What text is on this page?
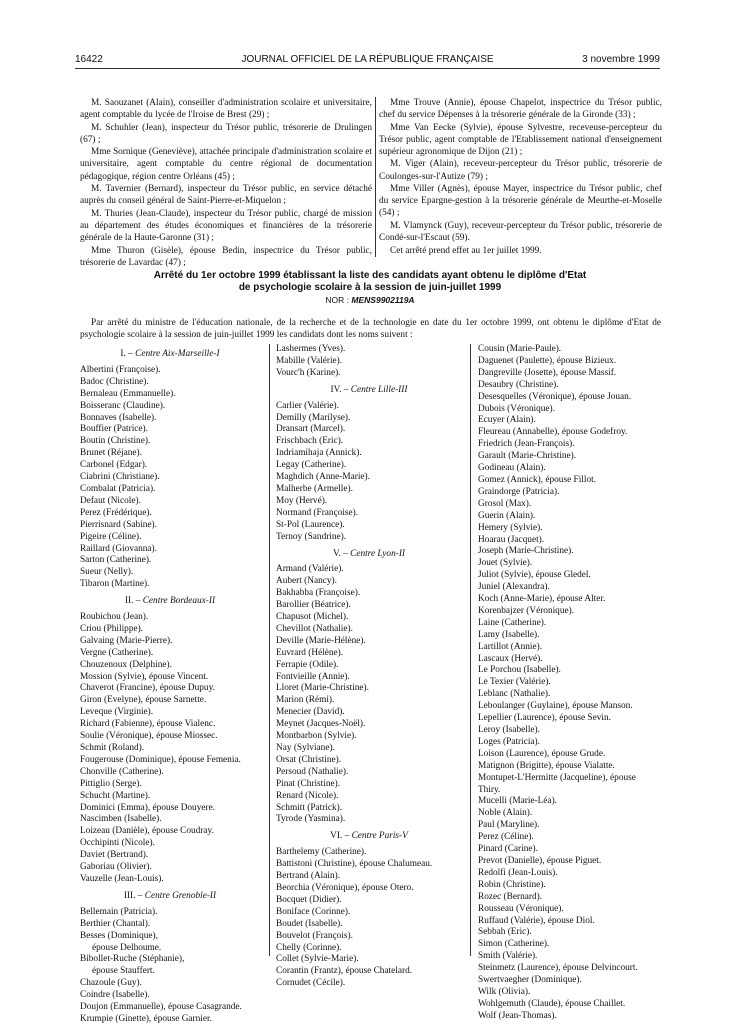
16422	JOURNAL OFFICIEL DE LA RÉPUBLIQUE FRANÇAISE	3 novembre 1999

M. Saouzanet (Alain), conseiller d'administration scolaire et universitaire, agent comptable du lycée de l'Iroise de Brest (29) ;

M. Schuhler (Jean), inspecteur du Trésor public, trésorerie de Drulingen (67) ;

Mme Sornique (Geneviève), attachée principale d'administration scolaire et universitaire, agent comptable du centre régional de documentation pédagogique, région centre Orléans (45) ;

M. Tavernier (Bernard), inspecteur du Trésor public, en service détaché auprès du conseil général de Saint-Pierre-et-Miquelon ;

M. Thuries (Jean-Claude), inspecteur du Trésor public, chargé de mission au département des études économiques et financières de la trésorerie générale de la Haute-Garonne (31) ;

Mme Thuron (Gisèle), épouse Bedin, inspectrice du Trésor public, trésorerie de Lavardac (47) ;

Mme Trouve (Annie), épouse Chapelot, inspectrice du Trésor public, chef du service Dépenses à la trésorerie générale de la Gironde (33) ;

Mme Van Eecke (Sylvie), épouse Sylvestre, receveuse-percepteur du Trésor public, agent comptable de l'Etablissement national d'enseignement supérieur agronomique de Dijon (21) ;

M. Viger (Alain), receveur-percepteur du Trésor public, trésorerie de Coulonges-sur-l'Autize (79) ;

Mme Viller (Agnès), épouse Mayer, inspectrice du Trésor public, chef du service Epargne-gestion à la trésorerie générale de Meurthe-et-Moselle (54) ;

M. Vlamynck (Guy), receveur-percepteur du Trésor public, trésorerie de Condé-sur-l'Escaut (59).

Cet arrêté prend effet au 1er juillet 1999.

Arrêté du 1er octobre 1999 établissant la liste des candidats ayant obtenu le diplôme d'Etat
de psychologie scolaire à la session de juin-juillet 1999
NOR : MENS9902119A

Par arrêté du ministre de l'éducation nationale, de la recherche et de la technologie en date du 1er octobre 1999, ont obtenu le diplôme d'Etat de psychologie scolaire à la session de juin-juillet 1999 les candidats dont les noms suivent :

I. – Centre Aix-Marseille-I
Albertini (Françoise).
Badoc (Christine).
Bernaleau (Emmanuelle).
Boisseranc (Claudine).
Bonnaves (Isabelle).
Bouffier (Patrice).
Boutin (Christine).
Brunet (Réjane).
Carbonel (Edgar).
Ciabrini (Christiane).
Combalat (Patricia).
Defaut (Nicole).
Perez (Frédérique).
Pierrisnard (Sabine).
Pigeire (Céline).
Raillard (Giovanna).
Sarton (Catherine).
Sueur (Nelly).
Tibaron (Martine).
II. – Centre Bordeaux-II
Roubichou (Jean).
Criou (Philippe).
Galvaing (Marie-Pierre).
Vergne (Catherine).
Chouzenoux (Delphine).
Mossion (Sylvie), épouse Vincent.
Chaverot (Francine), épouse Dupuy.
Giron (Evelyne), épouse Sarnette.
Leveque (Virginie).
Richard (Fabienne), épouse Vialenc.
Soulie (Véronique), épouse Miossec.
Schmit (Roland).
Fougerouse (Dominique), épouse Femenia.
Chonville (Catherine).
Pittiglio (Serge).
Schucht (Martine).
Dominici (Emma), épouse Douyere.
Nascimben (Isabelle).
Loizeau (Danièle), épouse Coudray.
Occhipinti (Nicole).
Daviet (Bertrand).
Gaboriau (Olivier).
Vauzelle (Jean-Louis).
III. – Centre Grenoble-II
Bellemain (Patricia).
Berthier (Chantal).
Besses (Dominique),
épouse Delhoume.
Bibollet-Ruche (Stéphanie),
épouse Stauffert.
Chazoule (Guy).
Coindre (Isabelle).
Doujon (Emmanuelle), épouse Casagrande.
Krumpie (Ginette), épouse Garnier.
Lashermes (Yves).
Mabille (Valérie).
Vourc'h (Karine).
IV. – Centre Lille-III
Carlier (Valérie).
Demilly (Marilyse).
Dransart (Marcel).
Frischbach (Eric).
Indriamihaja (Annick).
Legay (Catherine).
Maghdich (Anne-Marie).
Malherbe (Armelle).
Moy (Hervé).
Normand (Françoise).
St-Pol (Laurence).
Ternoy (Sandrine).
V. – Centre Lyon-II
Armand (Valérie).
Aubert (Nancy).
Bakhabba (Françoise).
Barollier (Béatrice).
Chapusot (Michel).
Chevillot (Nathalie).
Deville (Marie-Hélène).
Euvrard (Hélène).
Ferrapie (Odile).
Fontvieille (Annie).
Lloret (Marie-Christine).
Marion (Rémi).
Menecier (David).
Meynet (Jacques-Noël).
Montbarbon (Sylvie).
Nay (Sylviane).
Orsat (Christine).
Persoud (Nathalie).
Pinat (Christine).
Renard (Nicole).
Schmitt (Patrick).
Tyrode (Yasmina).
VI. – Centre Paris-V
Barthelemy (Catherine).
Battistoni (Christine), épouse Chalumeau.
Bertrand (Alain).
Beorchia (Véronique), épouse Otero.
Bocquet (Didier).
Boniface (Corinne).
Boudet (Isabelle).
Bouvelot (François).
Chelly (Corinne).
Collet (Sylvie-Marie).
Corantin (Frantz), épouse Chatelard.
Cornudet (Cécile).
Cousin (Marie-Paule).
Daguenet (Paulette), épouse Bizieux.
Dangreville (Josette), épouse Massif.
Desaubry (Christine).
Desesquelles (Véronique), épouse Jouan.
Dubois (Véronique).
Ecuyer (Alain).
Fleureau (Annabelle), épouse Godefroy.
Friedrich (Jean-François).
Garault (Marie-Christine).
Godineau (Alain).
Gomez (Annick), épouse Fillot.
Graindorge (Patricia).
Grosol (Max).
Guerin (Alain).
Hemery (Sylvie).
Hoarau (Jacquet).
Joseph (Marie-Christine).
Jouet (Sylvie).
Juliot (Sylvie), épouse Gledel.
Juniel (Alexandra).
Koch (Anne-Marie), épouse Alter.
Korenbajzer (Véronique).
Laine (Catherine).
Lamy (Isabelle).
Lartillot (Annie).
Lascaux (Hervé).
Le Porchou (Isabelle).
Le Texier (Valérie).
Leblanc (Nathalie).
Leboulanger (Guylaine), épouse Manson.
Lepellier (Laurence), épouse Sevin.
Leroy (Isabelle).
Loges (Patricia).
Loison (Laurence), épouse Grude.
Matignon (Brigitte), épouse Vialatte.
Montupet-L'Hermitte (Jacqueline), épouse
Thiry.
Mucelli (Marie-Léa).
Noble (Alain).
Paul (Maryline).
Perez (Céline).
Pinard (Carine).
Prevot (Danielle), épouse Piguet.
Redolfi (Jean-Louis).
Robin (Christine).
Rozec (Bernard).
Rousseau (Véronique).
Ruffaud (Valérie), épouse Diol.
Sebbah (Eric).
Simon (Catherine).
Smith (Valérie).
Steinmetz (Laurence), épouse Delvincourt.
Swertvaegher (Dominique).
Wilk (Olivia).
Wohlgemuth (Claude), épouse Chaillet.
Wolf (Jean-Thomas).
